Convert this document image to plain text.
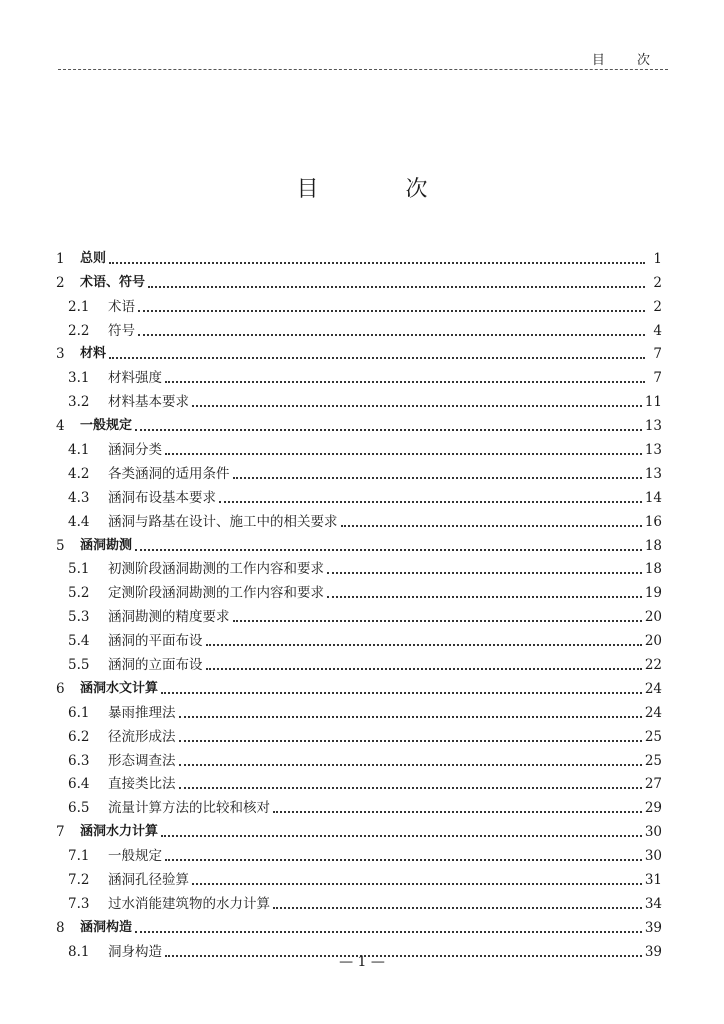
目 次
目 次
1	总则	1
2	术语、符号	2
2.1	术语	2
2.2	符号	4
3	材料	7
3.1	材料强度	7
3.2	材料基本要求	11
4	一般规定	13
4.1	涵洞分类	13
4.2	各类涵洞的适用条件	13
4.3	涵洞布设基本要求	14
4.4	涵洞与路基在设计、施工中的相关要求	16
5	涵洞勘测	18
5.1	初测阶段涵洞勘测的工作内容和要求	18
5.2	定测阶段涵洞勘测的工作内容和要求	19
5.3	涵洞勘测的精度要求	20
5.4	涵洞的平面布设	20
5.5	涵洞的立面布设	22
6	涵洞水文计算	24
6.1	暴雨推理法	24
6.2	径流形成法	25
6.3	形态调查法	25
6.4	直接类比法	27
6.5	流量计算方法的比较和核对	29
7	涵洞水力计算	30
7.1	一般规定	30
7.2	涵洞孔径验算	31
7.3	过水消能建筑物的水力计算	34
8	涵洞构造	39
8.1	洞身构造	39
— 1 —
